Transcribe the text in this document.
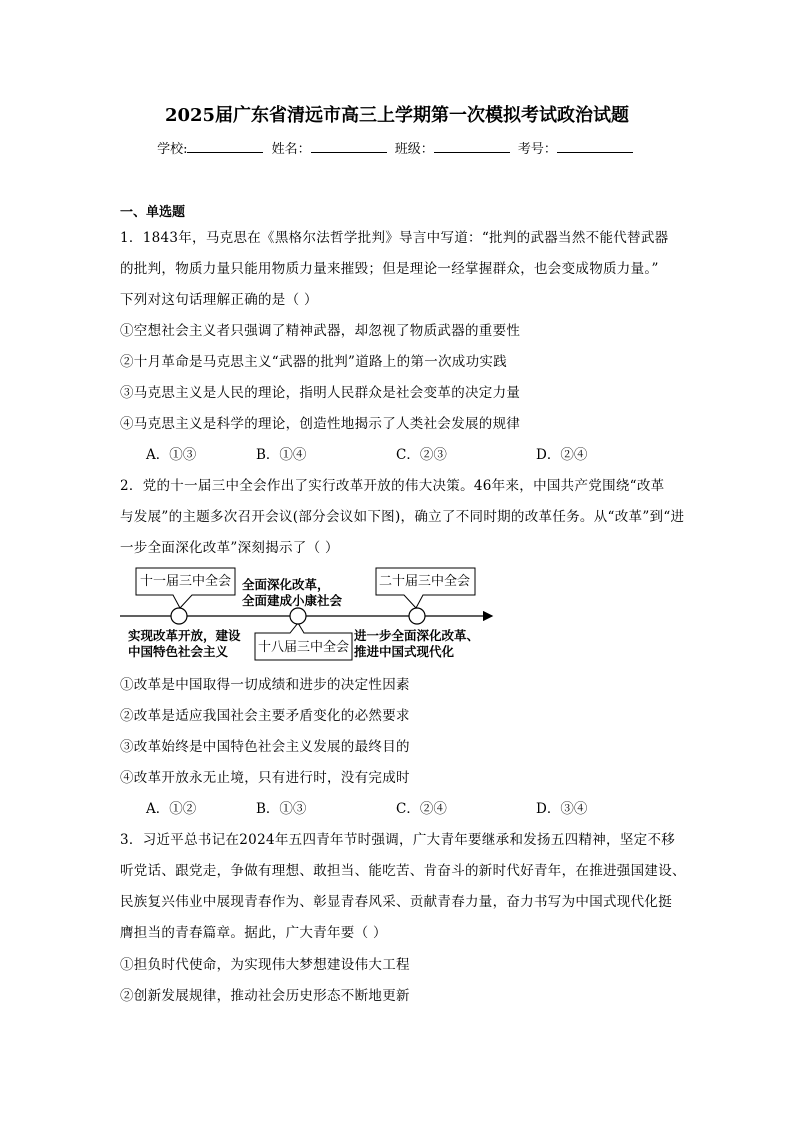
2025届广东省清远市高三上学期第一次模拟考试政治试题
学校:	姓名：	班级：	考号：
一、单选题
1．1843年，马克思在《黑格尔法哲学批判》导言中写道：“批判的武器当然不能代替武器
的批判，物质力量只能用物质力量来摧毁；但是理论一经掌握群众，也会变成物质力量。”
下列对这句话理解正确的是（ ）
①空想社会主义者只强调了精神武器，却忽视了物质武器的重要性
②十月革命是马克思主义“武器的批判”道路上的第一次成功实践
③马克思主义是人民的理论，指明人民群众是社会变革的决定力量
④马克思主义是科学的理论，创造性地揭示了人类社会发展的规律
A．①③	B．①④	C．②③	D．②④
2．党的十一届三中全会作出了实行改革开放的伟大决策。46年来，中国共产党围绕“改革
与发展”的主题多次召开会议(部分会议如下图)，确立了不同时期的改革任务。从“改革”到“进
一步全面深化改革”深刻揭示了（ ）
十一届三中全会
十八届三中全会
二十届三中全会
全面深化改革，
全面建成小康社会
实现改革开放，建设
中国特色社会主义
进一步全面深化改革、
推进中国式现代化
①改革是中国取得一切成绩和进步的决定性因素
②改革是适应我国社会主要矛盾变化的必然要求
③改革始终是中国特色社会主义发展的最终目的
④改革开放永无止境，只有进行时，没有完成时
A．①②	B．①③	C．②④	D．③④
3．习近平总书记在2024年五四青年节时强调，广大青年要继承和发扬五四精神，坚定不移
听党话、跟党走，争做有理想、敢担当、能吃苦、肯奋斗的新时代好青年，在推进强国建设、
民族复兴伟业中展现青春作为、彰显青春风采、贡献青春力量，奋力书写为中国式现代化挺
膺担当的青春篇章。据此，广大青年要（ ）
①担负时代使命，为实现伟大梦想建设伟大工程
②创新发展规律，推动社会历史形态不断地更新
